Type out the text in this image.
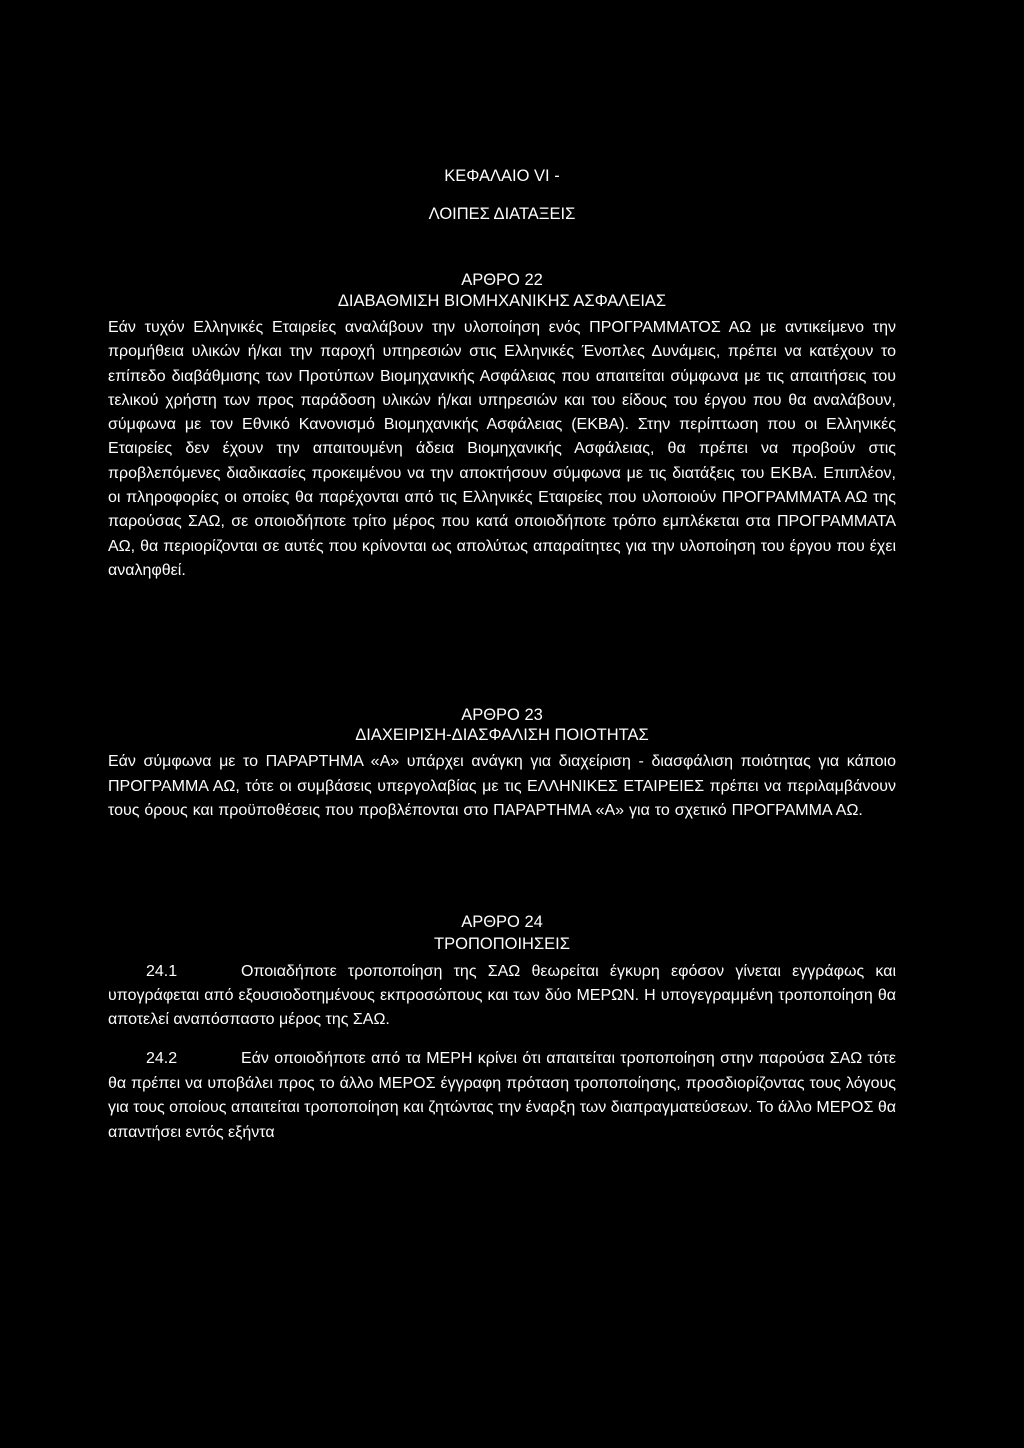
ΚΕΦΑΛΑΙΟ VI -
ΛΟΙΠΕΣ ΔΙΑΤΑΞΕΙΣ
ΑΡΘΡΟ 22
ΔΙΑΒΑΘΜΙΣΗ ΒΙΟΜΗΧΑΝΙΚΗΣ ΑΣΦΑΛΕΙΑΣ
Εάν τυχόν Ελληνικές Εταιρείες αναλάβουν την υλοποίηση ενός ΠΡΟΓΡΑΜΜΑΤΟΣ ΑΩ με αντικείμενο την προμήθεια υλικών ή/και την παροχή υπηρεσιών στις Ελληνικές Ένοπλες Δυνάμεις, πρέπει να κατέχουν το επίπεδο διαβάθμισης των Προτύπων Βιομηχανικής Ασφάλειας που απαιτείται σύμφωνα με τις απαιτήσεις του τελικού χρήστη των προς παράδοση υλικών ή/και υπηρεσιών και του είδους του έργου που θα αναλάβουν, σύμφωνα με τον Εθνικό Κανονισμό Βιομηχανικής Ασφάλειας (ΕΚΒΑ). Στην περίπτωση που οι Ελληνικές Εταιρείες δεν έχουν την απαιτουμένη άδεια Βιομηχανικής Ασφάλειας, θα πρέπει να προβούν στις προβλεπόμενες διαδικασίες προκειμένου να την αποκτήσουν σύμφωνα με τις διατάξεις του ΕΚΒΑ. Επιπλέον, οι πληροφορίες οι οποίες θα παρέχονται από τις Ελληνικές Εταιρείες που υλοποιούν ΠΡΟΓΡΑΜΜΑΤΑ ΑΩ της παρούσας ΣΑΩ, σε οποιοδήποτε τρίτο μέρος που κατά οποιοδήποτε τρόπο εμπλέκεται στα ΠΡΟΓΡΑΜΜΑΤΑ ΑΩ, θα περιορίζονται σε αυτές που κρίνονται ως απολύτως απαραίτητες για την υλοποίηση του έργου που έχει αναληφθεί.
ΑΡΘΡΟ 23
ΔΙΑΧΕΙΡΙΣΗ-ΔΙΑΣΦΑΛΙΣΗ ΠΟΙΟΤΗΤΑΣ
Εάν σύμφωνα με το ΠΑΡΑΡΤΗΜΑ «Α» υπάρχει ανάγκη για διαχείριση - διασφάλιση ποιότητας για κάποιο ΠΡΟΓΡΑΜΜΑ ΑΩ, τότε οι συμβάσεις υπεργολαβίας με τις ΕΛΛΗΝΙΚΕΣ ΕΤΑΙΡΕΙΕΣ πρέπει να περιλαμβάνουν τους όρους και προϋποθέσεις που προβλέπονται στο ΠΑΡΑΡΤΗΜΑ «Α» για το σχετικό ΠΡΟΓΡΑΜΜΑ ΑΩ.
ΑΡΘΡΟ 24
ΤΡΟΠΟΠΟΙΗΣΕΙΣ
24.1	Οποιαδήποτε τροποποίηση της ΣΑΩ θεωρείται έγκυρη εφόσον γίνεται εγγράφως και υπογράφεται από εξουσιοδοτημένους εκπροσώπους και των δύο ΜΕΡΩΝ. Η υπογεγραμμένη τροποποίηση θα αποτελεί αναπόσπαστο μέρος της ΣΑΩ.
24.2	Εάν οποιοδήποτε από τα ΜΕΡΗ κρίνει ότι απαιτείται τροποποίηση στην παρούσα ΣΑΩ τότε θα πρέπει να υποβάλει προς το άλλο ΜΕΡΟΣ έγγραφη πρόταση τροποποίησης, προσδιορίζοντας τους λόγους για τους οποίους απαιτείται τροποποίηση και ζητώντας την έναρξη των διαπραγματεύσεων. Το άλλο ΜΕΡΟΣ θα απαντήσει εντός εξήντα
